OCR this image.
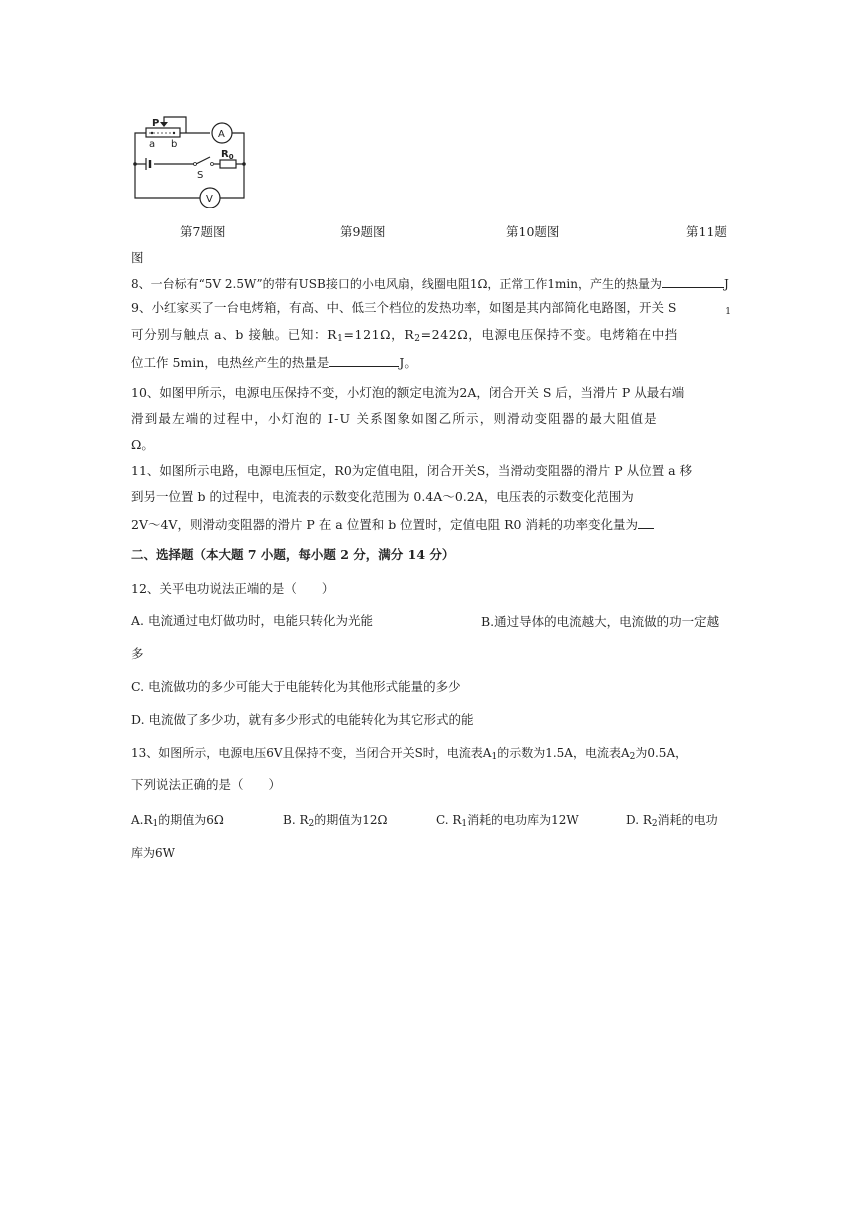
P
a b
A
$R_0$
S
V
第7题图	第9题图	第10题图	第11题
图
8、一台标有“5V 2.5W”的带有USB接口的小电风扇，线圈电阻1Ω，正常工作1min，产生的热量为	J
9、小红家买了一台电烤箱，有高、中、低三个档位的发热功率，如图是其内部简化电路图，开关 S	$_1$
可分别与触点 a、b 接触。已知：$R_1=121\Omega$，$R_2=242\Omega$，电源电压保持不变。电烤箱在中挡
位工作 5min，电热丝产生的热量是	J。
10、如图甲所示，电源电压保持不变，小灯泡的额定电流为2A，闭合开关 S 后，当滑片 P 从最右端
滑到最左端的过程中，小灯泡的 I-U 关系图象如图乙所示，则滑动变阻器的最大阻值是
Ω。
11、如图所示电路，电源电压恒定，R0为定值电阻，闭合开关S，当滑动变阻器的滑片 P 从位置 a 移
到另一位置 b 的过程中，电流表的示数变化范围为 0.4A～0.2A，电压表的示数变化范围为
2V～4V，则滑动变阻器的滑片 P 在 a 位置和 b 位置时，定值电阻 R0 消耗的功率变化量为
二、选择题（本大题 7 小题，每小题 2 分，满分 14 分）
12、关平电功说法正端的是（　　）
A. 电流通过电灯做功时，电能只转化为光能	B.通过导体的电流越大，电流做的功一定越
多
C. 电流做功的多少可能大于电能转化为其他形式能量的多少
D. 电流做了多少功，就有多少形式的电能转化为其它形式的能
13、如图所示，电源电压6V且保持不变，当闭合开关S时，电流表$A_1$的示数为1.5A，电流表$A_2$为0.5A，
下列说法正确的是（　　）
$A.R_1$的期值为6Ω	B. $R_2$的期值为12Ω	C. $R_1$消耗的电功库为12W	D. $R_2$消耗的电功
库为6W
